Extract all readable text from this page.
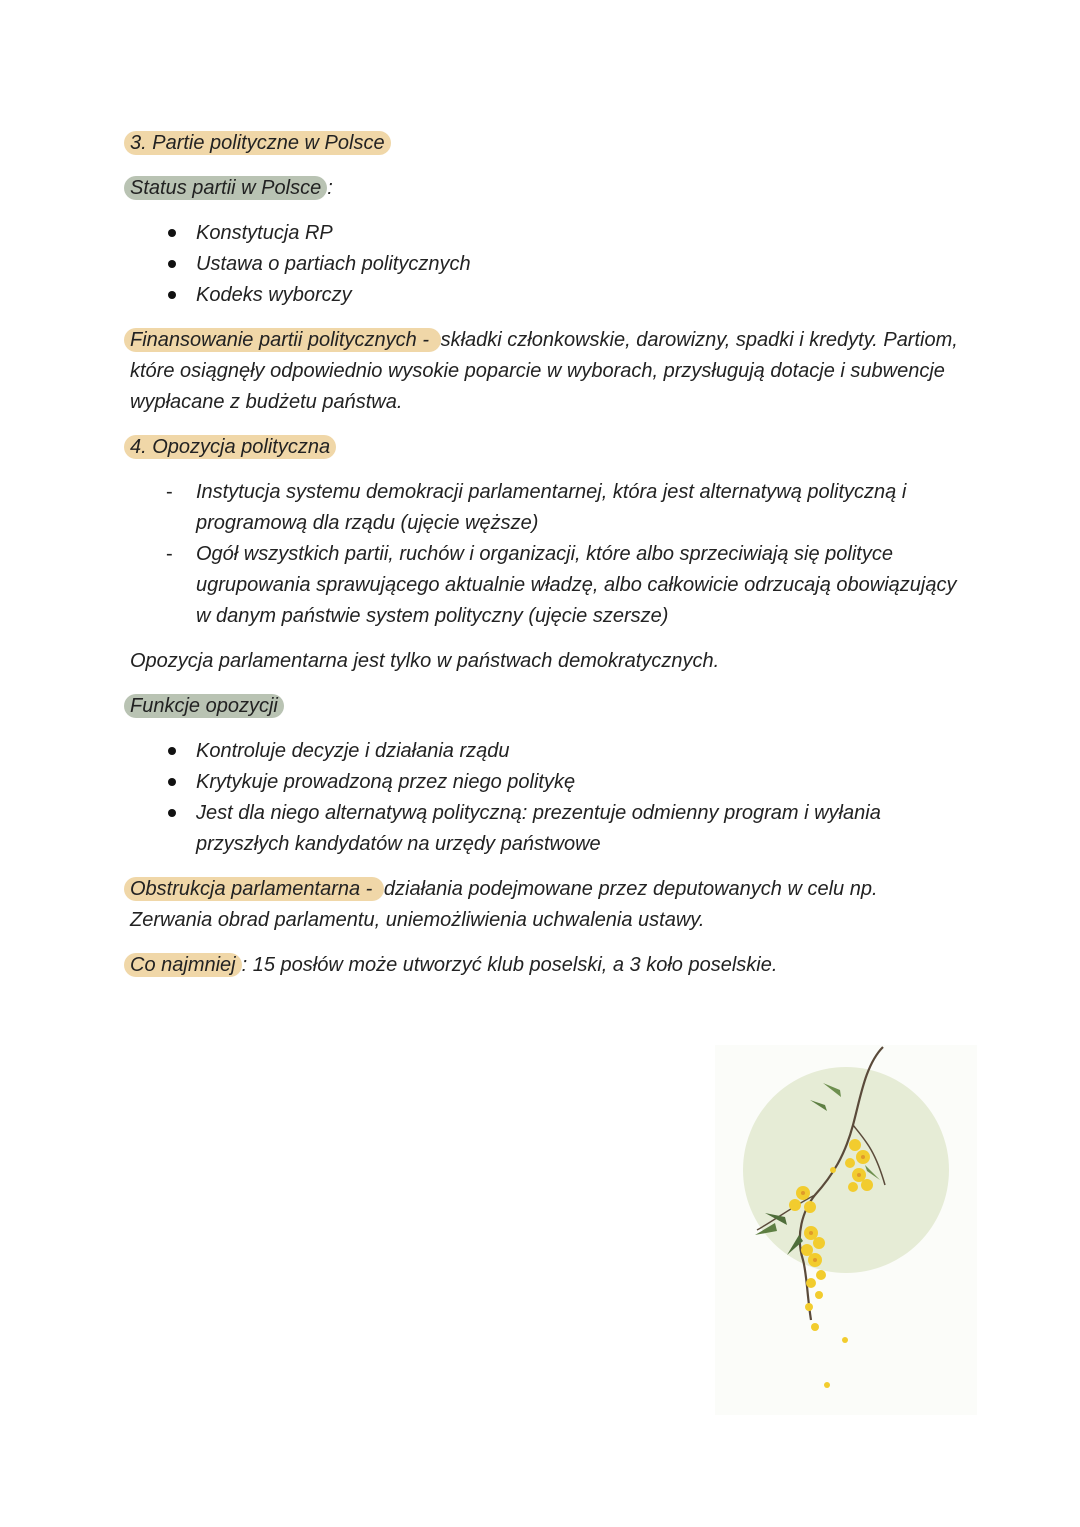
3. Partie polityczne w Polsce

Status partii w Polsce :

Konstytucja RP
Ustawa o partiach politycznych
Kodeks wyborczy

Finansowanie partii politycznych - składki członkowskie, darowizny, spadki i kredyty. Partiom, które osiągnęły odpowiednio wysokie poparcie w wyborach, przysługują dotacje i subwencje wypłacane z budżetu państwa.

4. Opozycja polityczna

- Instytucja systemu demokracji parlamentarnej, która jest alternatywą polityczną i programową dla rządu (ujęcie węższe)
- Ogół wszystkich partii, ruchów i organizacji, które albo sprzeciwiają się polityce ugrupowania sprawującego aktualnie władzę, albo całkowicie odrzucają obowiązujący w danym państwie system polityczny (ujęcie szersze)

Opozycja parlamentarna jest tylko w państwach demokratycznych.

Funkcje opozycji

Kontroluje decyzje i działania rządu
Krytykuje prowadzoną przez niego politykę
Jest dla niego alternatywą polityczną: prezentuje odmienny program i wyłania przyszłych kandydatów na urzędy państwowe

Obstrukcja parlamentarna - działania podejmowane przez deputowanych w celu np. Zerwania obrad parlamentu, uniemożliwienia uchwalenia ustawy.

Co najmniej : 15 posłów może utworzyć klub poselski, a 3 koło poselskie.
